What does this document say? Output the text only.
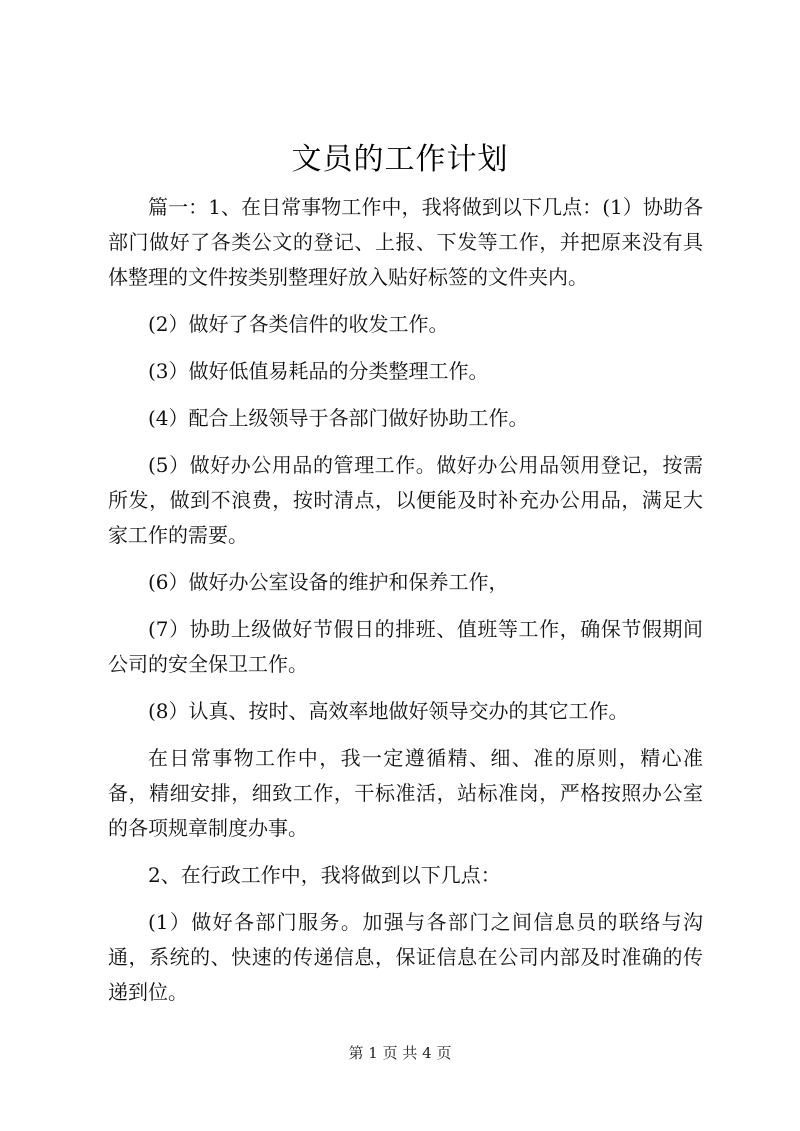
文员的工作计划

篇一：1、在日常事物工作中，我将做到以下几点：(1）协助各部门做好了各类公文的登记、上报、下发等工作，并把原来没有具体整理的文件按类别整理好放入贴好标签的文件夹内。

(2）做好了各类信件的收发工作。

(3）做好低值易耗品的分类整理工作。

(4）配合上级领导于各部门做好协助工作。

(5）做好办公用品的管理工作。做好办公用品领用登记，按需所发，做到不浪费，按时清点，以便能及时补充办公用品，满足大家工作的需要。

(6）做好办公室设备的维护和保养工作，

(7）协助上级做好节假日的排班、值班等工作，确保节假期间公司的安全保卫工作。

(8）认真、按时、高效率地做好领导交办的其它工作。

在日常事物工作中，我一定遵循精、细、准的原则，精心准备，精细安排，细致工作，干标准活，站标准岗，严格按照办公室的各项规章制度办事。

2、在行政工作中，我将做到以下几点：

(1）做好各部门服务。加强与各部门之间信息员的联络与沟通，系统的、快速的传递信息，保证信息在公司内部及时准确的传递到位。

第 1 页 共 4 页
